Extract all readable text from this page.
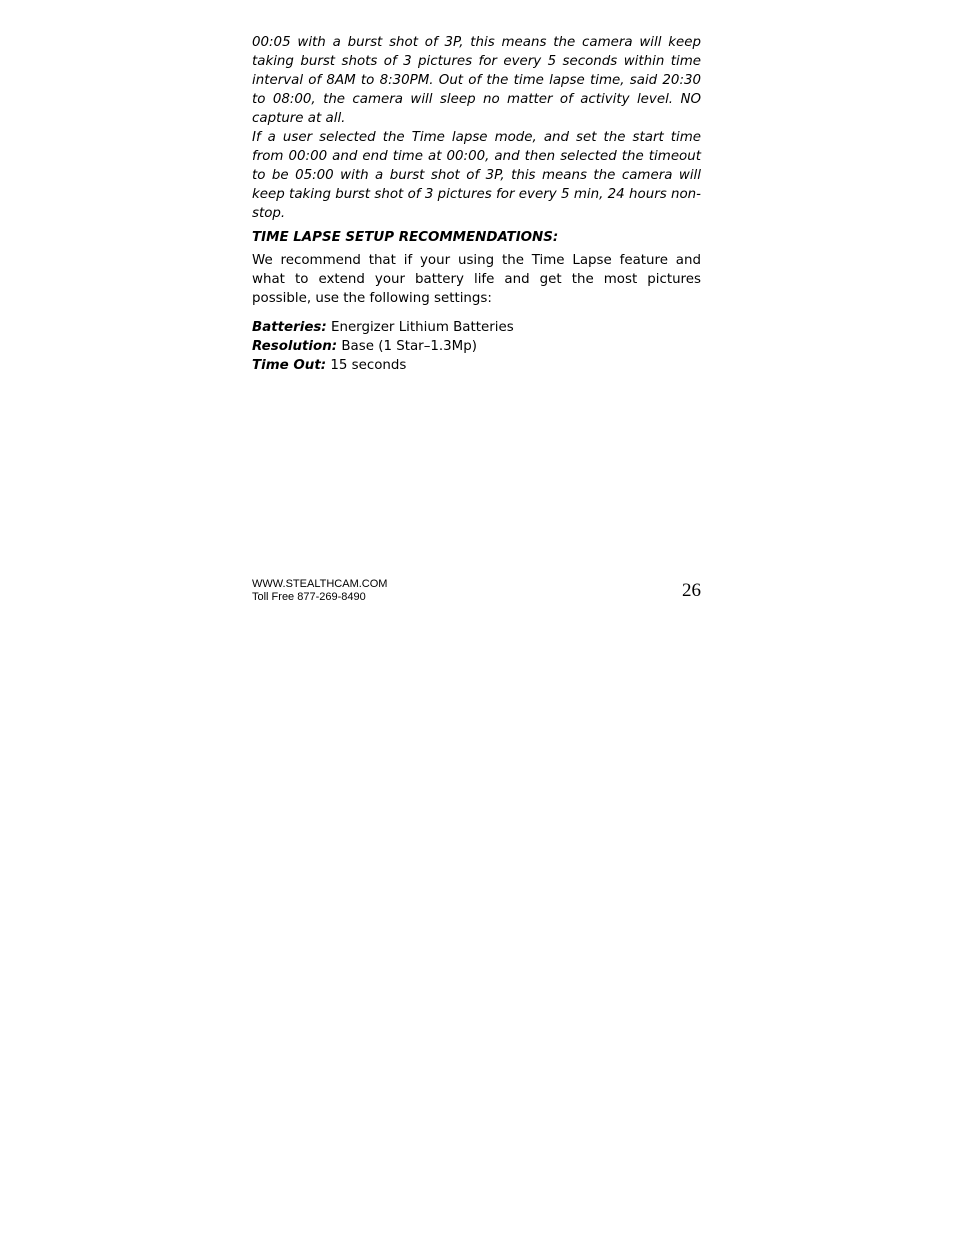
00:05 with a burst shot of 3P, this means the camera will keep taking burst shots of 3 pictures for every 5 seconds within time interval of 8AM to 8:30PM. Out of the time lapse time, said 20:30 to 08:00, the camera will sleep no matter of activity level. NO capture at all.

If a user selected the Time lapse mode, and set the start time from 00:00 and end time at 00:00, and then selected the timeout to be 05:00 with a burst shot of 3P, this means the camera will keep taking burst shot of 3 pictures for every 5 min, 24 hours non-stop.

TIME LAPSE SETUP RECOMMENDATIONS:

We recommend that if your using the Time Lapse feature and what to extend your battery life and get the most pictures possible, use the following settings:

Batteries: Energizer Lithium Batteries
Resolution: Base (1 Star–1.3Mp)
Time Out: 15 seconds
WWW.STEALTHCAM.COM
Toll Free 877-269-8490	26
